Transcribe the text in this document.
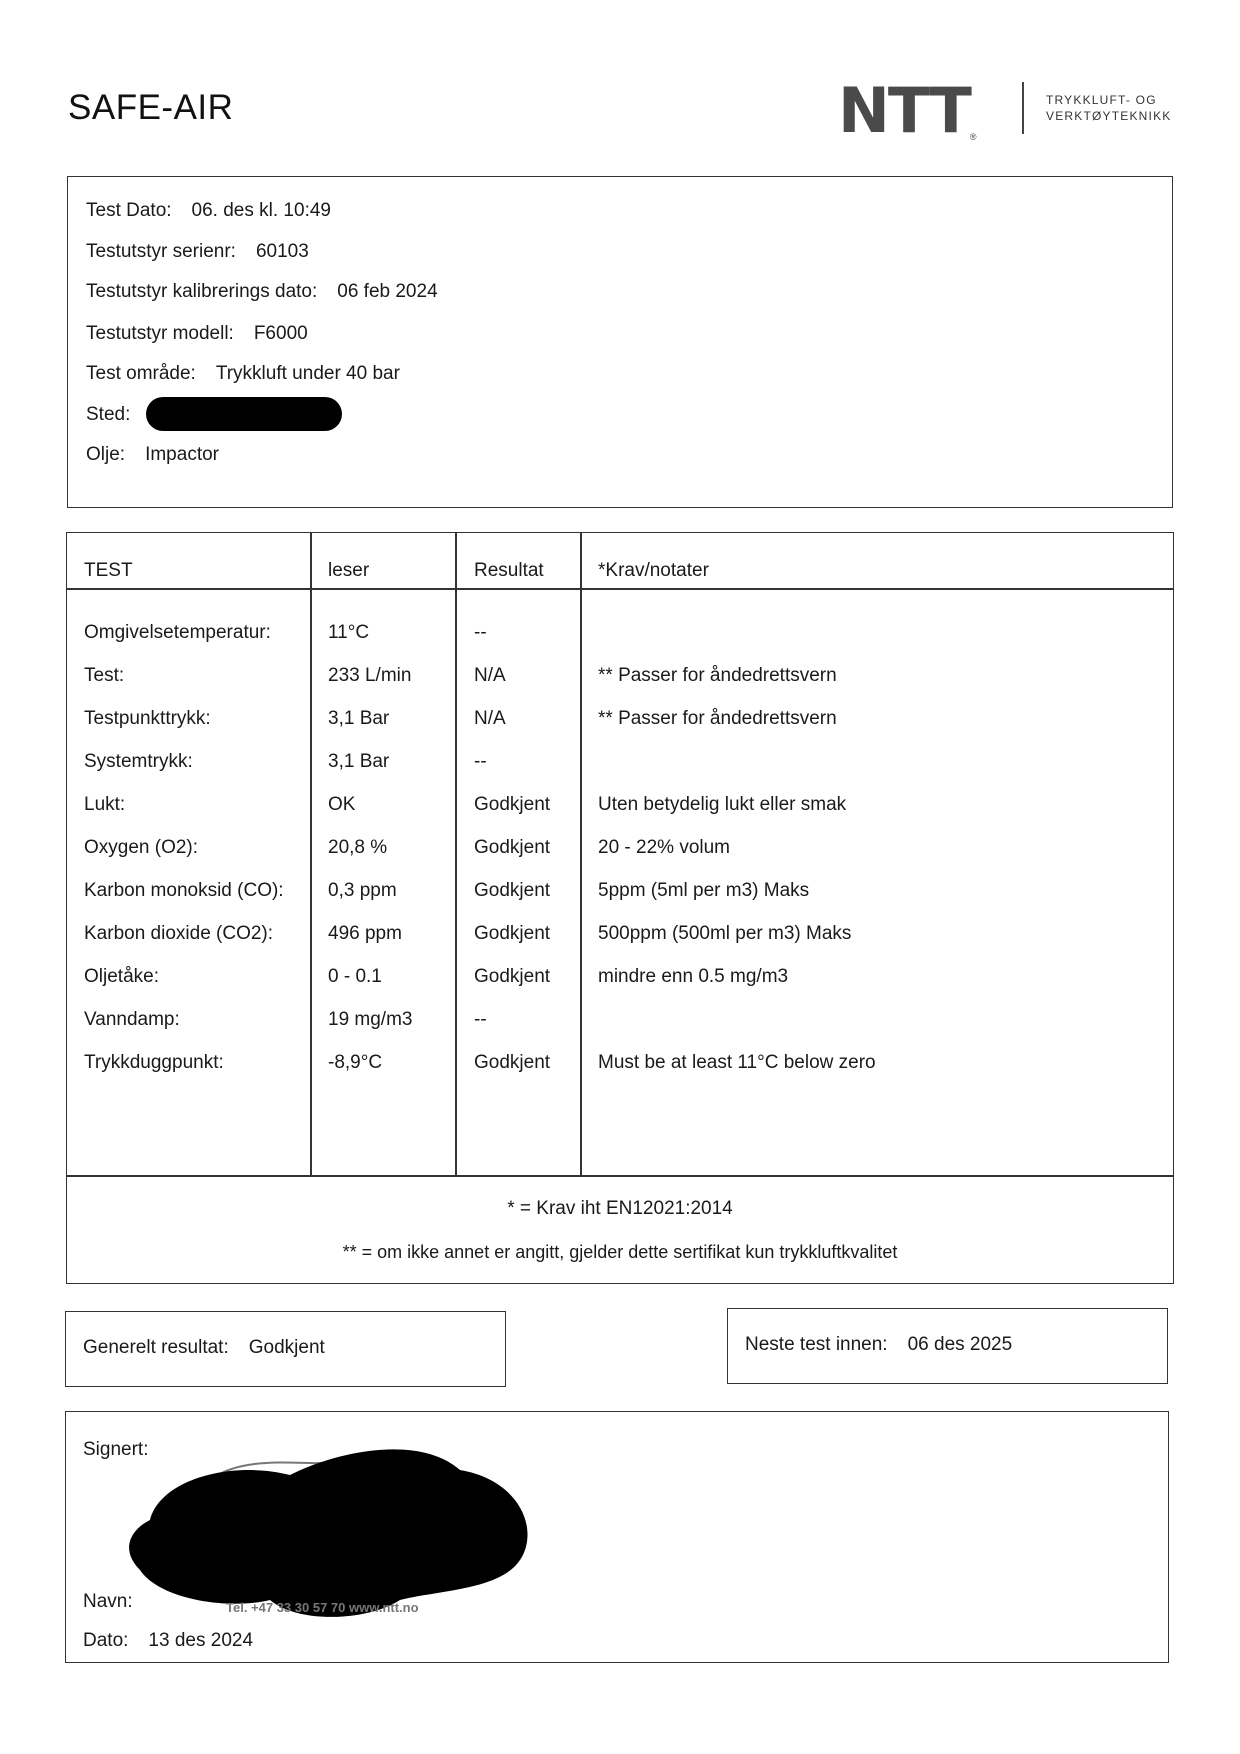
SAFE-AIR	NTT®
TRYKKLUFT- OG
VERKTØYTEKNIKK
Test Dato: 06. des kl. 10:49
Testutstyr serienr: 60103
Testutstyr kalibrerings dato: 06 feb 2024
Testutstyr modell: F6000
Test område: Trykkluft under 40 bar
Sted:
Olje: Impactor
TEST	leser	Resultat	*Krav/notater
Omgivelsetemperatur:	11°C	--
Test:	233 L/min	N/A	** Passer for åndedrettsvern
Testpunkttrykk:	3,1 Bar	N/A	** Passer for åndedrettsvern
Systemtrykk:	3,1 Bar	--
Lukt:	OK	Godkjent	Uten betydelig lukt eller smak
Oxygen (O2):	20,8 %	Godkjent	20 - 22% volum
Karbon monoksid (CO): 0,3 ppm	Godkjent	5ppm (5ml per m3) Maks
Karbon dioxide (CO2):	496 ppm	Godkjent	500ppm (500ml per m3) Maks
Oljetåke:	0 - 0.1	Godkjent	mindre enn 0.5 mg/m3
Vanndamp:	19 mg/m3	--
Trykkduggpunkt:	-8,9°C	Godkjent	Must be at least 11°C below zero
* = Krav iht EN12021:2014
** = om ikke annet er angitt, gjelder dette sertifikat kun trykkluftkvalitet
Generelt resultat: Godkjent	Neste test innen: 06 des 2025
Signert:
Tel. +47 33 30 57 70 www.ntt.no
Navn:
Dato: 13 des 2024
